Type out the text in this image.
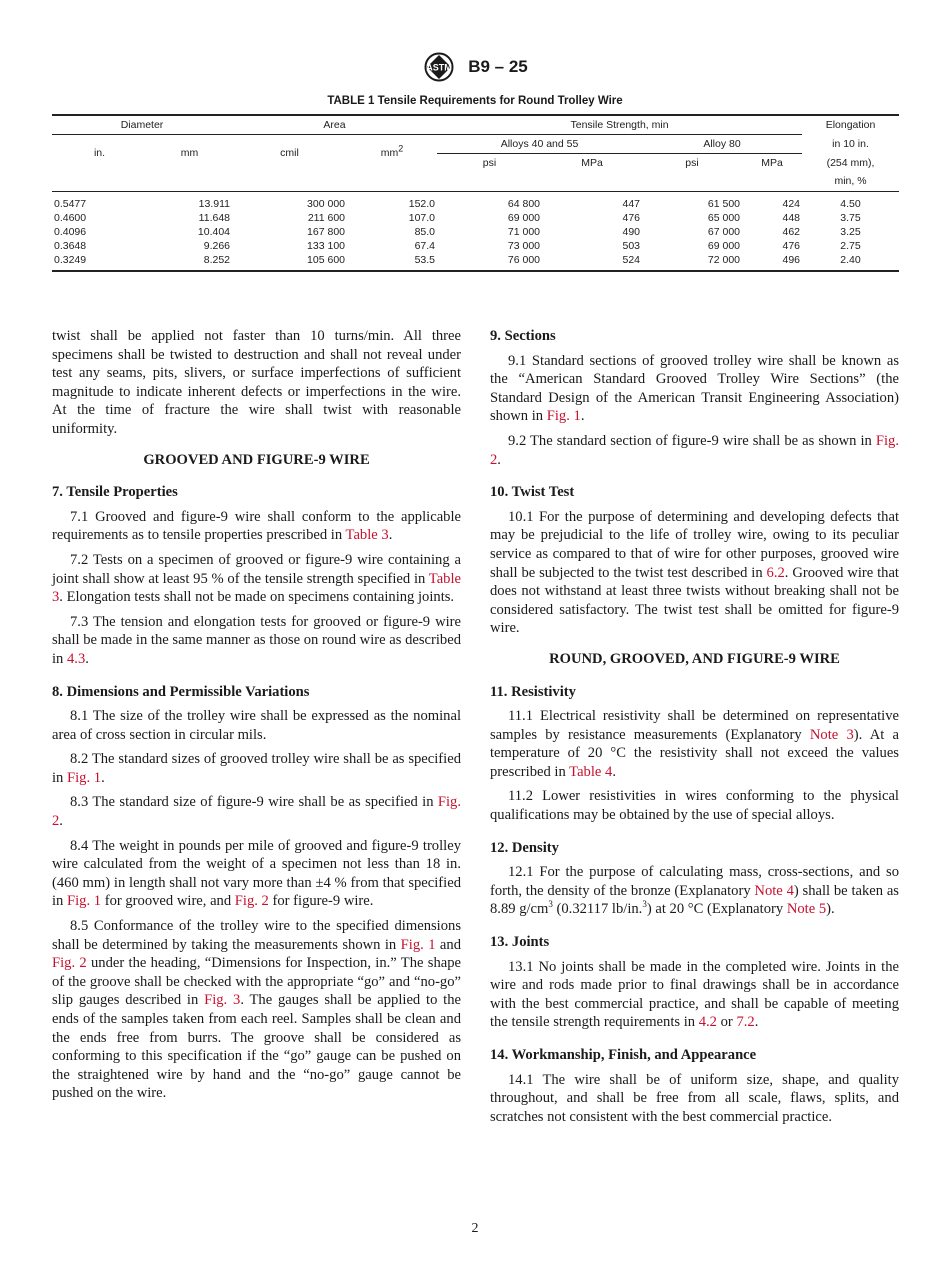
ASTM B9 – 25
TABLE 1 Tensile Requirements for Round Trolley Wire
Diameter		Area		Tensile Strength, min				Elongation
in.	mm	cmil	$mm^2$	Alloys 40 and 55		Alloy 80		in 10 in.
				psi	MPa	psi	MPa	(254 mm),
								min, %
0.5477	13.911	300 000	152.0	64 800	447	61 500	424	4.50
0.4600	11.648	211 600	107.0	69 000	476	65 000	448	3.75
0.4096	10.404	167 800	85.0	71 000	490	67 000	462	3.25
0.3648	9.266	133 100	67.4	73 000	503	69 000	476	2.75
0.3249	8.252	105 600	53.5	76 000	524	72 000	496	2.40

twist shall be applied not faster than 10 turns/min. All three specimens shall be twisted to destruction and shall not reveal under test any seams, pits, slivers, or surface imperfections of sufficient magnitude to indicate inherent defects or imperfections in the wire. At the time of fracture the wire shall twist with reasonable uniformity.

GROOVED AND FIGURE-9 WIRE
7. Tensile Properties

7.1 Grooved and figure-9 wire shall conform to the applicable requirements as to tensile properties prescribed in Table 3.

7.2 Tests on a specimen of grooved or figure-9 wire containing a joint shall show at least 95 % of the tensile strength specified in Table 3. Elongation tests shall not be made on specimens containing joints.

7.3 The tension and elongation tests for grooved or figure-9 wire shall be made in the same manner as those on round wire as described in 4.3.

8. Dimensions and Permissible Variations

8.1 The size of the trolley wire shall be expressed as the nominal area of cross section in circular mils.

8.2 The standard sizes of grooved trolley wire shall be as specified in Fig. 1.

8.3 The standard size of figure-9 wire shall be as specified in Fig. 2.

8.4 The weight in pounds per mile of grooved and figure-9 trolley wire calculated from the weight of a specimen not less than 18 in. (460 mm) in length shall not vary more than ±4 % from that specified in Fig. 1 for grooved wire, and Fig. 2 for figure-9 wire.

8.5 Conformance of the trolley wire to the specified dimensions shall be determined by taking the measurements shown in Fig. 1 and Fig. 2 under the heading, “Dimensions for Inspection, in.” The shape of the groove shall be checked with the appropriate “go” and “no-go” slip gauges described in Fig. 3. The gauges shall be applied to the ends of the samples taken from each reel. Samples shall be clean and the ends free from burrs. The groove shall be considered as conforming to this specification if the “go” gauge can be pushed on the straightened wire by hand and the “no-go” gauge cannot be pushed on the wire.

9. Sections

9.1 Standard sections of grooved trolley wire shall be known as the “American Standard Grooved Trolley Wire Sections” (the Standard Design of the American Transit Engineering Association) shown in Fig. 1.

9.2 The standard section of figure-9 wire shall be as shown in Fig. 2.

10. Twist Test

10.1 For the purpose of determining and developing defects that may be prejudicial to the life of trolley wire, owing to its peculiar service as compared to that of wire for other purposes, grooved wire shall be subjected to the twist test described in 6.2. Grooved wire that does not withstand at least three twists without breaking shall not be considered satisfactory. The twist test shall be omitted for figure-9 wire.

ROUND, GROOVED, AND FIGURE-9 WIRE
11. Resistivity

11.1 Electrical resistivity shall be determined on representative samples by resistance measurements (Explanatory Note 3). At a temperature of 20 °C the resistivity shall not exceed the values prescribed in Table 4.

11.2 Lower resistivities in wires conforming to the physical qualifications may be obtained by the use of special alloys.

12. Density

12.1 For the purpose of calculating mass, cross-sections, and so forth, the density of the bronze (Explanatory Note 4) shall be taken as 8.89 $g/cm^3$ (0.32117 lb/in.$^3$) at 20 °C (Explanatory Note 5).

13. Joints

13.1 No joints shall be made in the completed wire. Joints in the wire and rods made prior to final drawings shall be in accordance with the best commercial practice, and shall be capable of meeting the tensile strength requirements in 4.2 or 7.2.

14. Workmanship, Finish, and Appearance

14.1 The wire shall be of uniform size, shape, and quality throughout, and shall be free from all scale, flaws, splits, and scratches not consistent with the best commercial practice.

2
